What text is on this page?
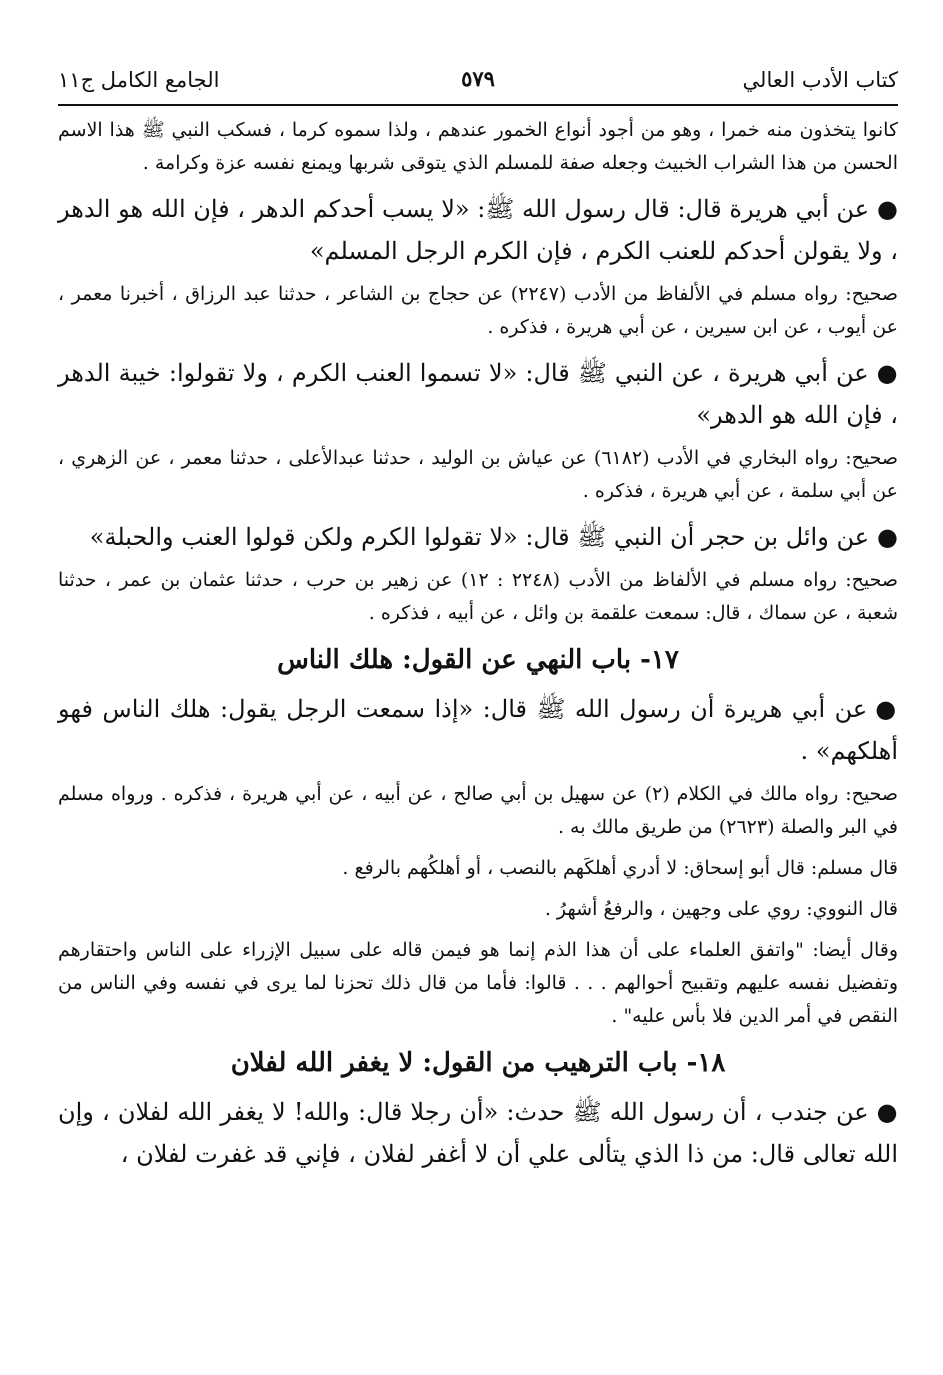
كتاب الأدب العالي
٥٧٩
الجامع الكامل ج١١

كانوا يتخذون منه خمرا ، وهو من أجود أنواع الخمور عندهم ، ولذا سموه كرما ، فسكب النبي ﷺ هذا الاسم الحسن من هذا الشراب الخبيث وجعله صفة للمسلم الذي يتوقى شربها ويمنع نفسه عزة وكرامة .

●عن أبي هريرة قال: قال رسول الله ﷺ: «لا يسب أحدكم الدهر ، فإن الله هو الدهر ، ولا يقولن أحدكم للعنب الكرم ، فإن الكرم الرجل المسلم»

صحيح: رواه مسلم في الألفاظ من الأدب (٢٢٤٧) عن حجاج بن الشاعر ، حدثنا عبد الرزاق ، أخبرنا معمر ، عن أيوب ، عن ابن سيرين ، عن أبي هريرة ، فذكره .

●عن أبي هريرة ، عن النبي ﷺ قال: «لا تسموا العنب الكرم ، ولا تقولوا: خيبة الدهر ، فإن الله هو الدهر»

صحيح: رواه البخاري في الأدب (٦١٨٢) عن عياش بن الوليد ، حدثنا عبدالأعلى ، حدثنا معمر ، عن الزهري ، عن أبي سلمة ، عن أبي هريرة ، فذكره .

●عن وائل بن حجر أن النبي ﷺ قال: «لا تقولوا الكرم ولكن قولوا العنب والحبلة»

صحيح: رواه مسلم في الألفاظ من الأدب (٢٢٤٨ : ١٢) عن زهير بن حرب ، حدثنا عثمان بن عمر ، حدثنا شعبة ، عن سماك ، قال: سمعت علقمة بن وائل ، عن أبيه ، فذكره .

١٧- باب النهي عن القول: هلك الناس

●عن أبي هريرة أن رسول الله ﷺ قال: «إذا سمعت الرجل يقول: هلك الناس فهو أهلكهم» .

صحيح: رواه مالك في الكلام (٢) عن سهيل بن أبي صالح ، عن أبيه ، عن أبي هريرة ، فذكره . ورواه مسلم في البر والصلة (٢٦٢٣) من طريق مالك به .

قال مسلم: قال أبو إسحاق: لا أدري أهلكَهم بالنصب ، أو أهلكُهم بالرفع .

قال النووي: روي على وجهين ، والرفعُ أشهرُ .

وقال أيضا: "واتفق العلماء على أن هذا الذم إنما هو فيمن قاله على سبيل الإزراء على الناس واحتقارهم وتفضيل نفسه عليهم وتقبيح أحوالهم . . . قالوا: فأما من قال ذلك تحزنا لما يرى في نفسه وفي الناس من النقص في أمر الدين فلا بأس عليه" .

١٨- باب الترهيب من القول: لا يغفر الله لفلان

●عن جندب ، أن رسول الله ﷺ حدث: «أن رجلا قال: والله! لا يغفر الله لفلان ، وإن الله تعالى قال: من ذا الذي يتألى علي أن لا أغفر لفلان ، فإني قد غفرت لفلان ،
